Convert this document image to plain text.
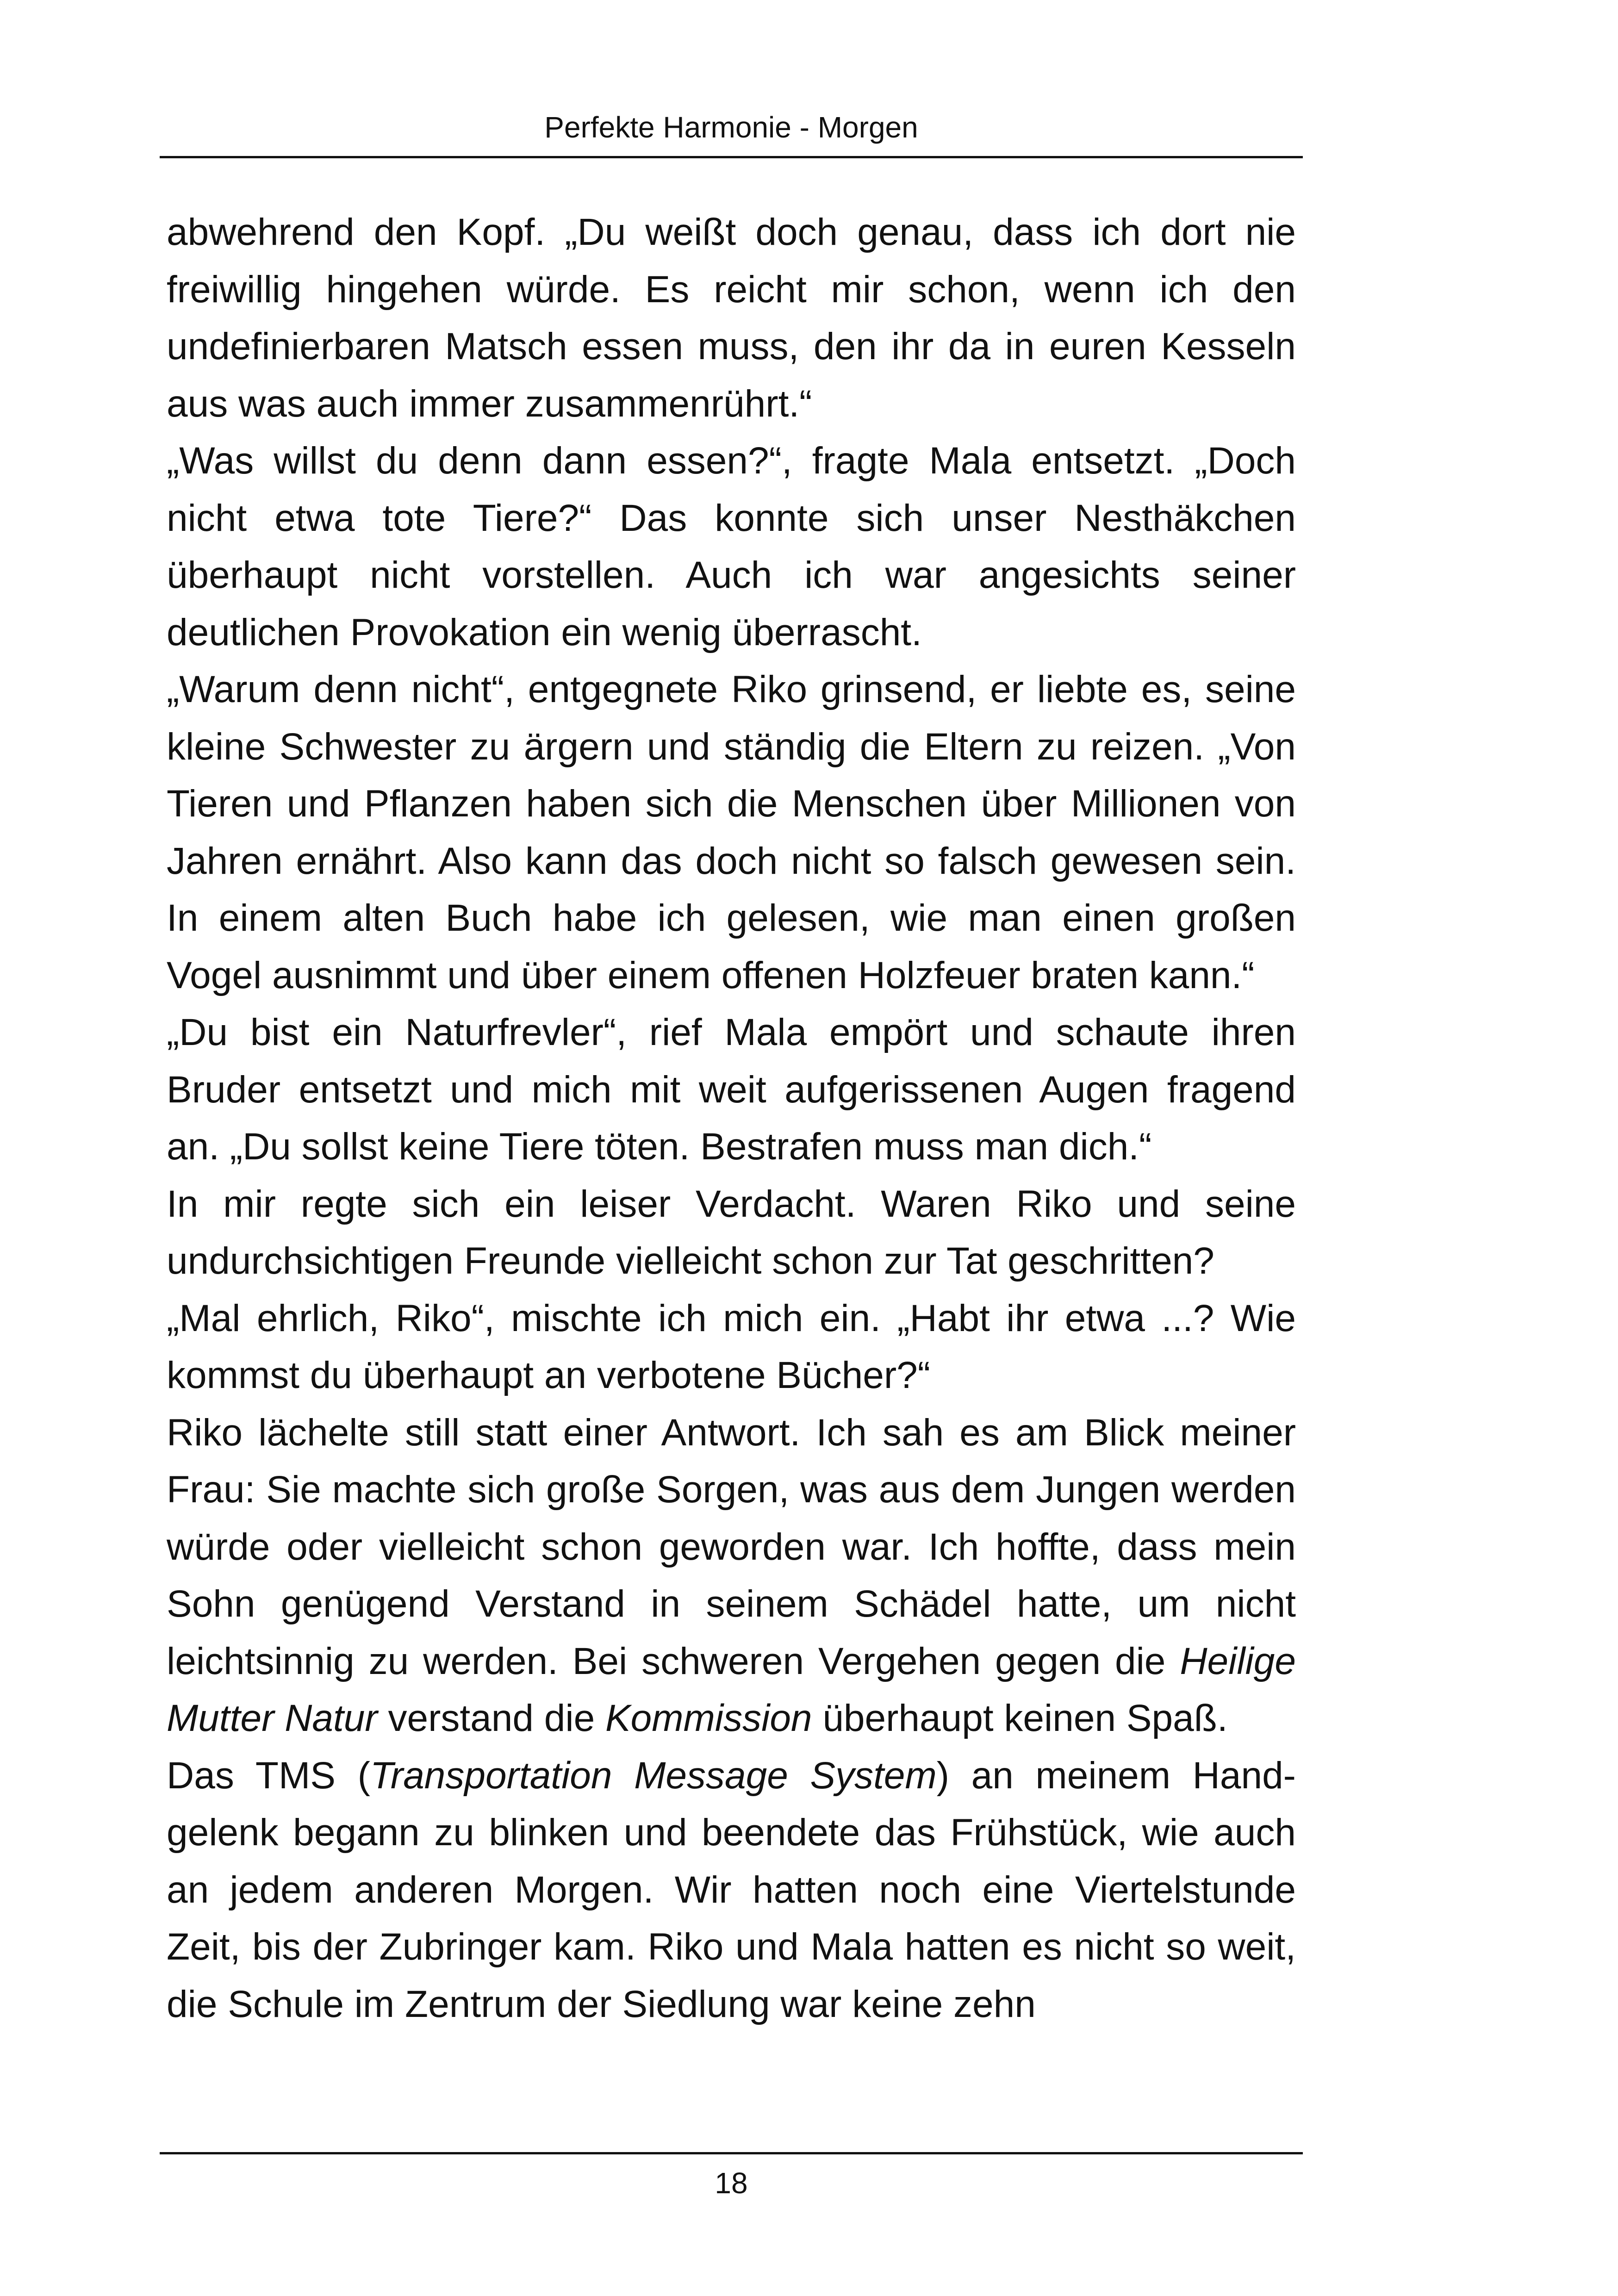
Perfekte Harmonie - Morgen

abwehrend den Kopf. „Du weißt doch genau, dass ich dort nie freiwillig hingehen würde. Es reicht mir schon, wenn ich den undefinierbaren Matsch essen muss, den ihr da in euren Kesseln aus was auch immer zusammenrührt.“

„Was willst du denn dann essen?“, fragte Mala entsetzt. „Doch nicht etwa tote Tiere?“ Das konnte sich unser Nesthäkchen überhaupt nicht vorstellen. Auch ich war angesichts seiner deutlichen Provokation ein wenig überrascht.

„Warum denn nicht“, entgegnete Riko grinsend, er liebte es, seine kleine Schwester zu ärgern und ständig die Eltern zu reizen. „Von Tieren und Pflanzen haben sich die Menschen über Millionen von Jahren ernährt. Also kann das doch nicht so falsch gewesen sein. In einem alten Buch habe ich gelesen, wie man einen großen Vogel ausnimmt und über einem offenen Holzfeuer braten kann.“

„Du bist ein Naturfrevler“, rief Mala empört und schaute ihren Bruder entsetzt und mich mit weit aufgerissenen Augen fragend an. „Du sollst keine Tiere töten. Bestrafen muss man dich.“

In mir regte sich ein leiser Verdacht. Waren Riko und seine undurchsichtigen Freunde vielleicht schon zur Tat geschritten?

„Mal ehrlich, Riko“, mischte ich mich ein. „Habt ihr etwa ...? Wie kommst du überhaupt an verbotene Bücher?“

Riko lächelte still statt einer Antwort. Ich sah es am Blick meiner Frau: Sie machte sich große Sorgen, was aus dem Jungen werden würde oder vielleicht schon geworden war. Ich hoffte, dass mein Sohn genügend Verstand in seinem Schädel hatte, um nicht leichtsinnig zu werden. Bei schweren Vergehen gegen die Heilige Mutter Natur verstand die Kommission überhaupt keinen Spaß.

Das TMS (Transportation Message System) an meinem Hand-gelenk begann zu blinken und beendete das Frühstück, wie auch an jedem anderen Morgen. Wir hatten noch eine Viertelstunde Zeit, bis der Zubringer kam. Riko und Mala hatten es nicht so weit, die Schule im Zentrum der Siedlung war keine zehn

18
